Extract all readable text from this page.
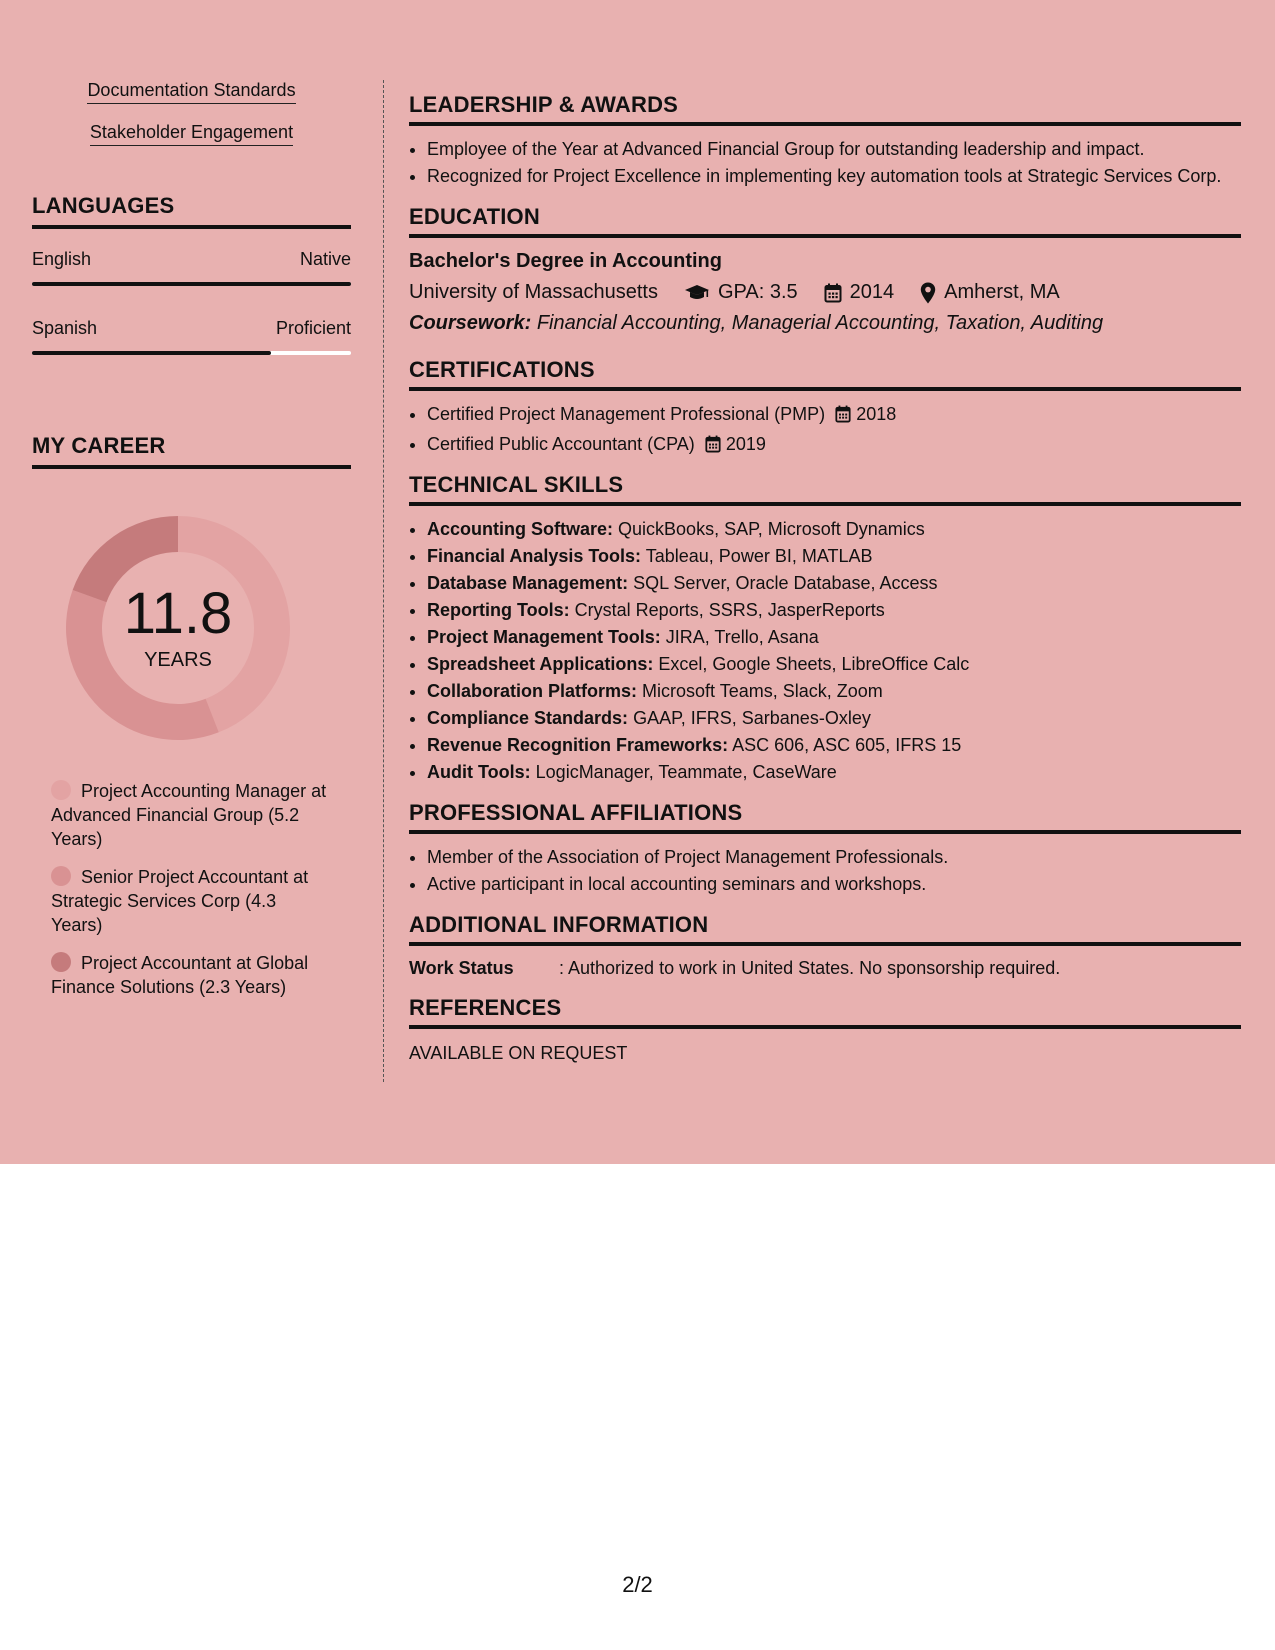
Documentation Standards
Stakeholder Engagement
LANGUAGES
English	Native
Spanish	Proficient
MY CAREER
11.8
YEARS
Project Accounting Manager at Advanced Financial Group (5.2 Years)
Senior Project Accountant at Strategic Services Corp (4.3 Years)
Project Accountant at Global Finance Solutions (2.3 Years)
LEADERSHIP & AWARDS
• Employee of the Year at Advanced Financial Group for outstanding leadership and impact.
• Recognized for Project Excellence in implementing key automation tools at Strategic Services Corp.
EDUCATION
Bachelor's Degree in Accounting
University of Massachusetts	GPA: 3.5	2014	Amherst, MA
Coursework: Financial Accounting, Managerial Accounting, Taxation, Auditing
CERTIFICATIONS
• Certified Project Management Professional (PMP) 2018
• Certified Public Accountant (CPA) 2019
TECHNICAL SKILLS
• Accounting Software: QuickBooks, SAP, Microsoft Dynamics
• Financial Analysis Tools: Tableau, Power BI, MATLAB
• Database Management: SQL Server, Oracle Database, Access
• Reporting Tools: Crystal Reports, SSRS, JasperReports
• Project Management Tools: JIRA, Trello, Asana
• Spreadsheet Applications: Excel, Google Sheets, LibreOffice Calc
• Collaboration Platforms: Microsoft Teams, Slack, Zoom
• Compliance Standards: GAAP, IFRS, Sarbanes-Oxley
• Revenue Recognition Frameworks: ASC 606, ASC 605, IFRS 15
• Audit Tools: LogicManager, Teammate, CaseWare
PROFESSIONAL AFFILIATIONS
• Member of the Association of Project Management Professionals.
• Active participant in local accounting seminars and workshops.
ADDITIONAL INFORMATION
Work Status	: Authorized to work in United States. No sponsorship required.
REFERENCES
AVAILABLE ON REQUEST
2/2
